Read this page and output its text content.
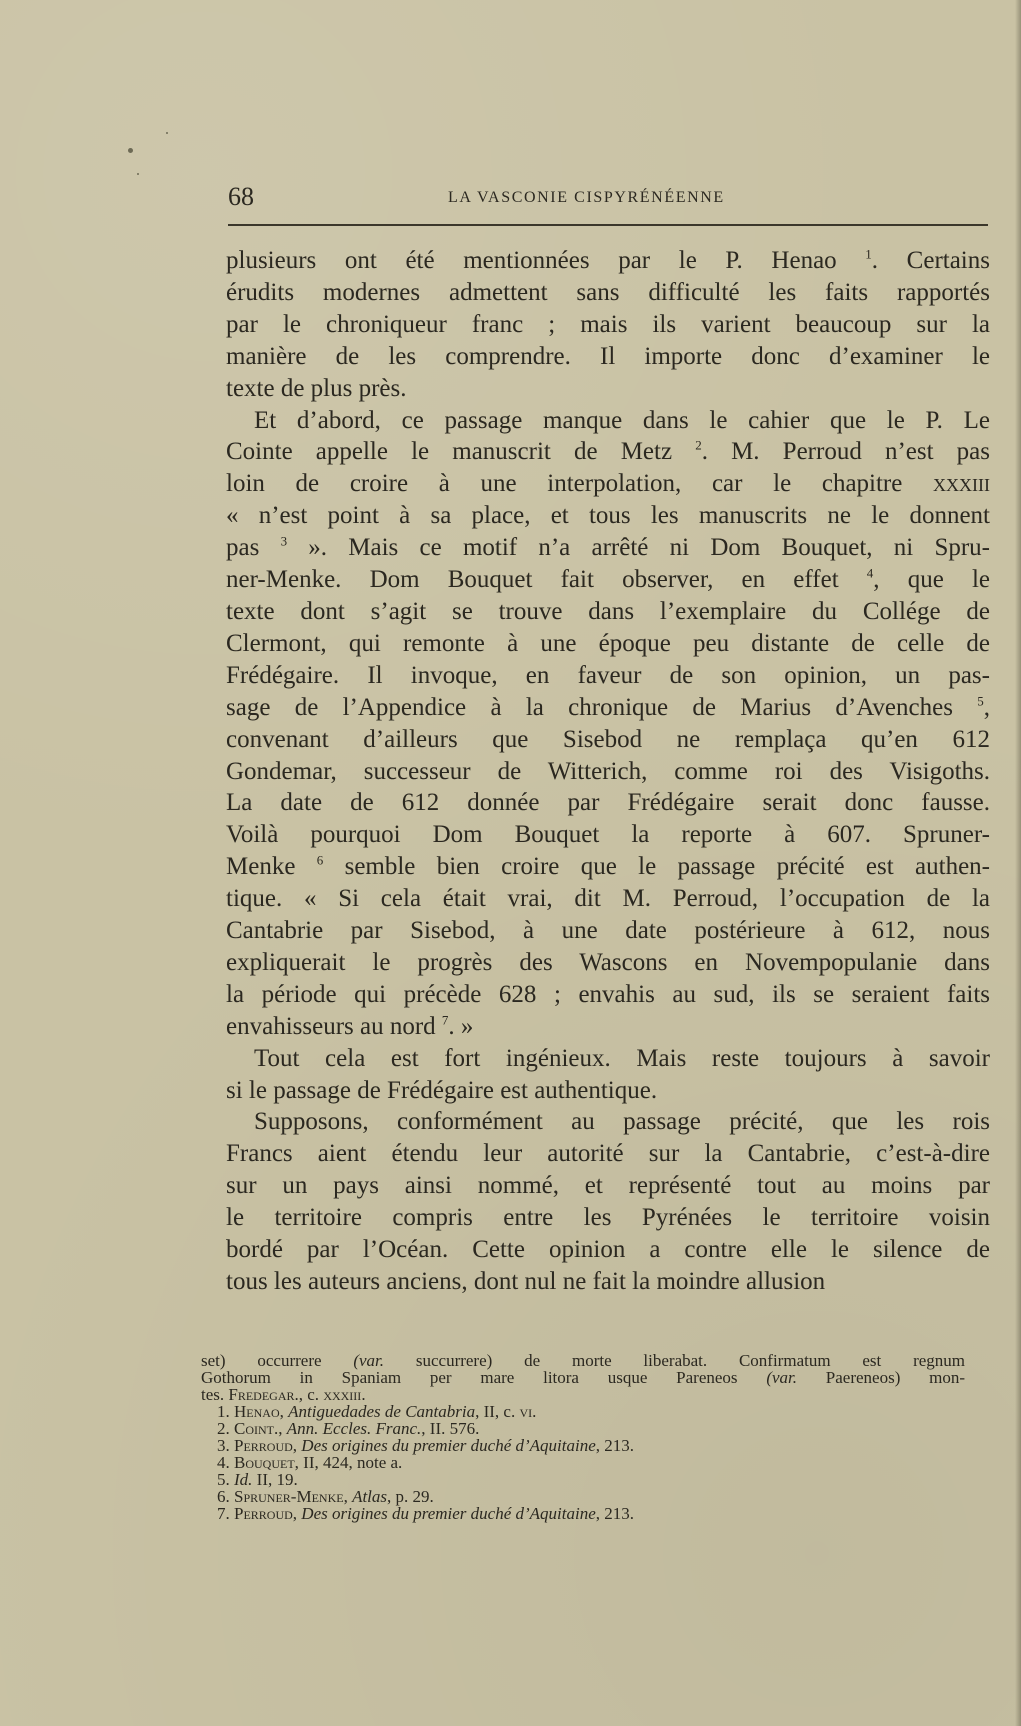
68	LA VASCONIE CISPYRÉNÉENNE
plusieurs ont été mentionnées par le P. Henao $^1$. Certains
érudits modernes admettent sans difficulté les faits rapportés
par le chroniqueur franc ; mais ils varient beaucoup sur la
manière de les comprendre. Il importe donc d’examiner le
texte de plus près.
Et d’abord, ce passage manque dans le cahier que le P. Le
Cointe appelle le manuscrit de Metz $^2$. M. Perroud n’est pas
loin de croire à une interpolation, car le chapitre xxxiii
« n’est point à sa place, et tous les manuscrits ne le donnent
pas $^3$ ». Mais ce motif n’a arrêté ni Dom Bouquet, ni Spru-
ner-Menke. Dom Bouquet fait observer, en effet $^4$, que le
texte dont s’agit se trouve dans l’exemplaire du Collége de
Clermont, qui remonte à une époque peu distante de celle de
Frédégaire. Il invoque, en faveur de son opinion, un pas-
sage de l’Appendice à la chronique de Marius d’Avenches $^5$,
convenant d’ailleurs que Sisebod ne remplaça qu’en 612
Gondemar, successeur de Witterich, comme roi des Visigoths.
La date de 612 donnée par Frédégaire serait donc fausse.
Voilà pourquoi Dom Bouquet la reporte à 607. Spruner-
Menke $^6$ semble bien croire que le passage précité est authen-
tique. « Si cela était vrai, dit M. Perroud, l’occupation de la
Cantabrie par Sisebod, à une date postérieure à 612, nous
expliquerait le progrès des Wascons en Novempopulanie dans
la période qui précède 628 ; envahis au sud, ils se seraient faits
envahisseurs au nord $^7$. »
Tout cela est fort ingénieux. Mais reste toujours à savoir
si le passage de Frédégaire est authentique.
Supposons, conformément au passage précité, que les rois
Francs aient étendu leur autorité sur la Cantabrie, c’est-à-dire
sur un pays ainsi nommé, et représenté tout au moins par
le territoire compris entre les Pyrénées le territoire voisin
bordé par l’Océan. Cette opinion a contre elle le silence de
tous les auteurs anciens, dont nul ne fait la moindre allusion
set) occurrere (var. succurrere) de morte liberabat. Confirmatum est regnum
Gothorum in Spaniam per mare litora usque Pareneos (var. Paereneos) mon-
tes. Fredegar., c. xxxiii.
1. Henao, Antiguedades de Cantabria, II, c. vi.
2. Coint., Ann. Eccles. Franc., II. 576.
3. Perroud, Des origines du premier duché d’Aquitaine, 213.
4. Bouquet, II, 424, note a.
5. Id. II, 19.
6. Spruner-Menke, Atlas, p. 29.
7. Perroud, Des origines du premier duché d’Aquitaine, 213.
